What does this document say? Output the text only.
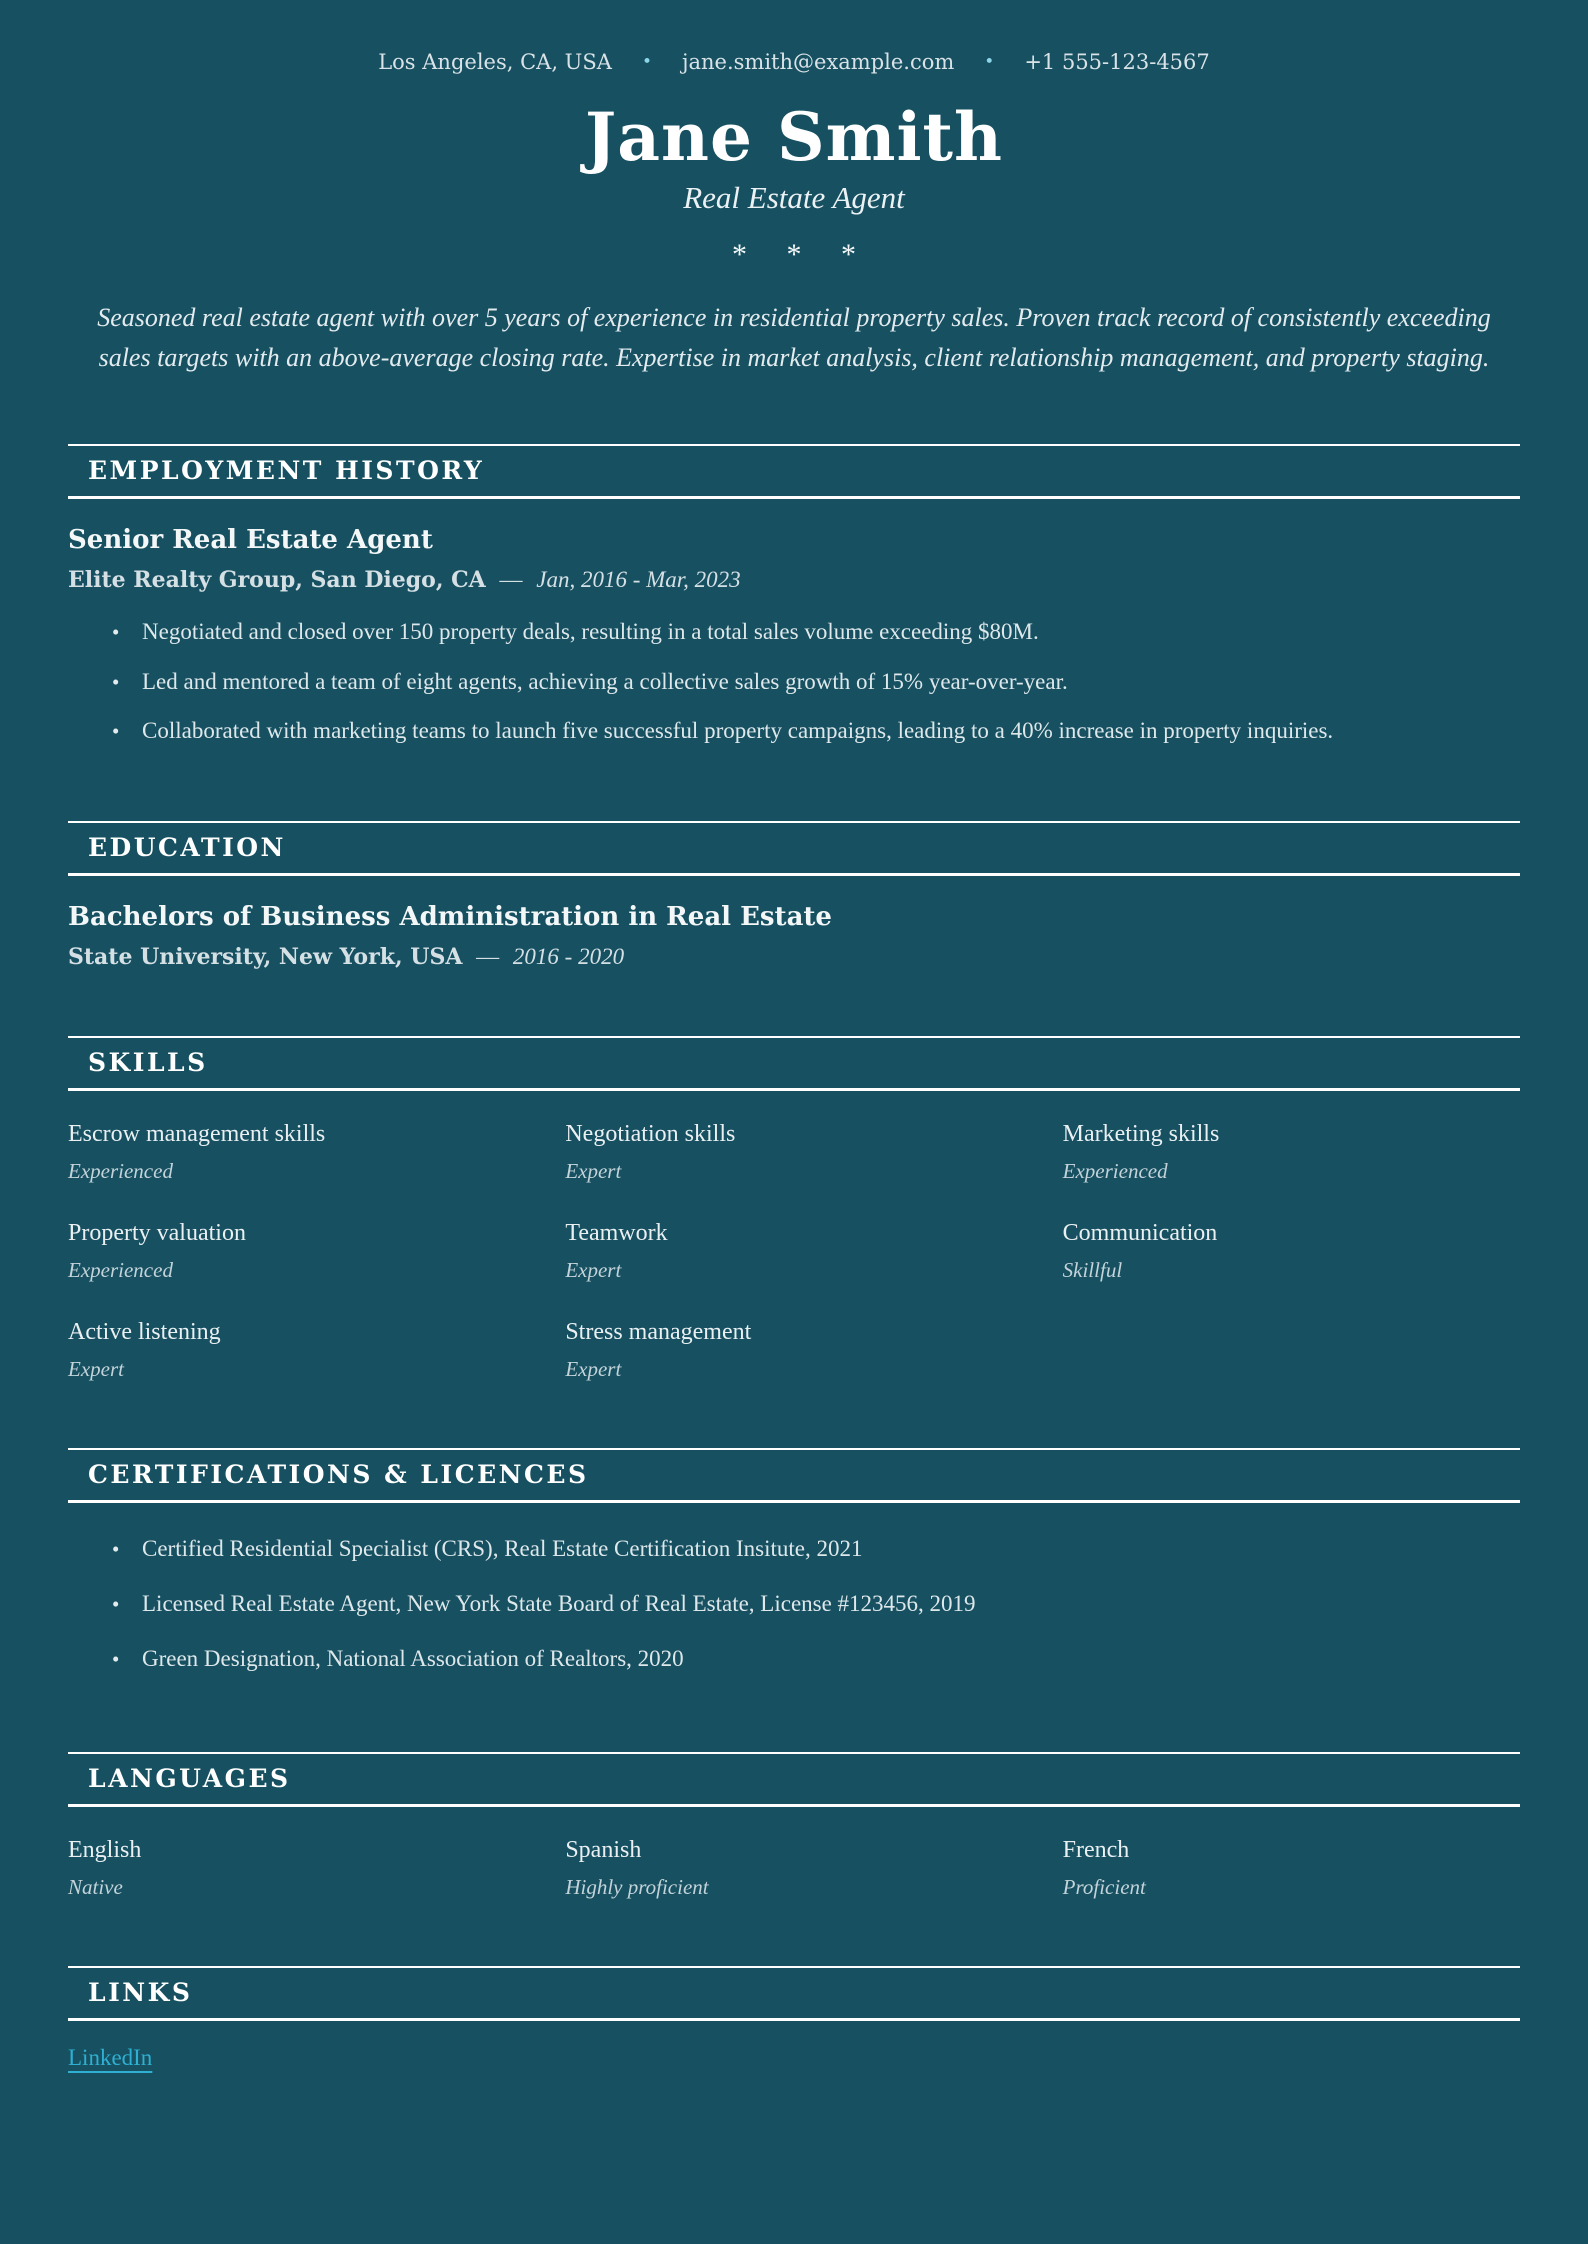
Los Angeles, CA, USA • jane.smith@example.com • +1 555-123-4567
Jane Smith
Real Estate Agent
* * *

Seasoned real estate agent with over 5 years of experience in residential property sales. Proven track record of consistently exceeding sales targets with an above-average closing rate. Expertise in market analysis, client relationship management, and property staging.

EMPLOYMENT HISTORY
Senior Real Estate Agent
Elite Realty Group, San Diego, CA — Jan, 2016 - Mar, 2023
• Negotiated and closed over 150 property deals, resulting in a total sales volume exceeding $80M.
• Led and mentored a team of eight agents, achieving a collective sales growth of 15% year-over-year.
• Collaborated with marketing teams to launch five successful property campaigns, leading to a 40% increase in property inquiries.
EDUCATION
Bachelors of Business Administration in Real Estate
State University, New York, USA — 2016 - 2020
SKILLS
Escrow management skills
Experienced
Negotiation skills
Expert
Marketing skills
Experienced
Property valuation
Experienced
Teamwork
Expert
Communication
Skillful
Active listening
Expert
Stress management
Expert
CERTIFICATIONS & LICENCES
• Certified Residential Specialist (CRS), Real Estate Certification Insitute, 2021
• Licensed Real Estate Agent, New York State Board of Real Estate, License #123456, 2019
• Green Designation, National Association of Realtors, 2020
LANGUAGES
English
Native
Spanish
Highly proficient
French
Proficient
LINKS
LinkedIn
